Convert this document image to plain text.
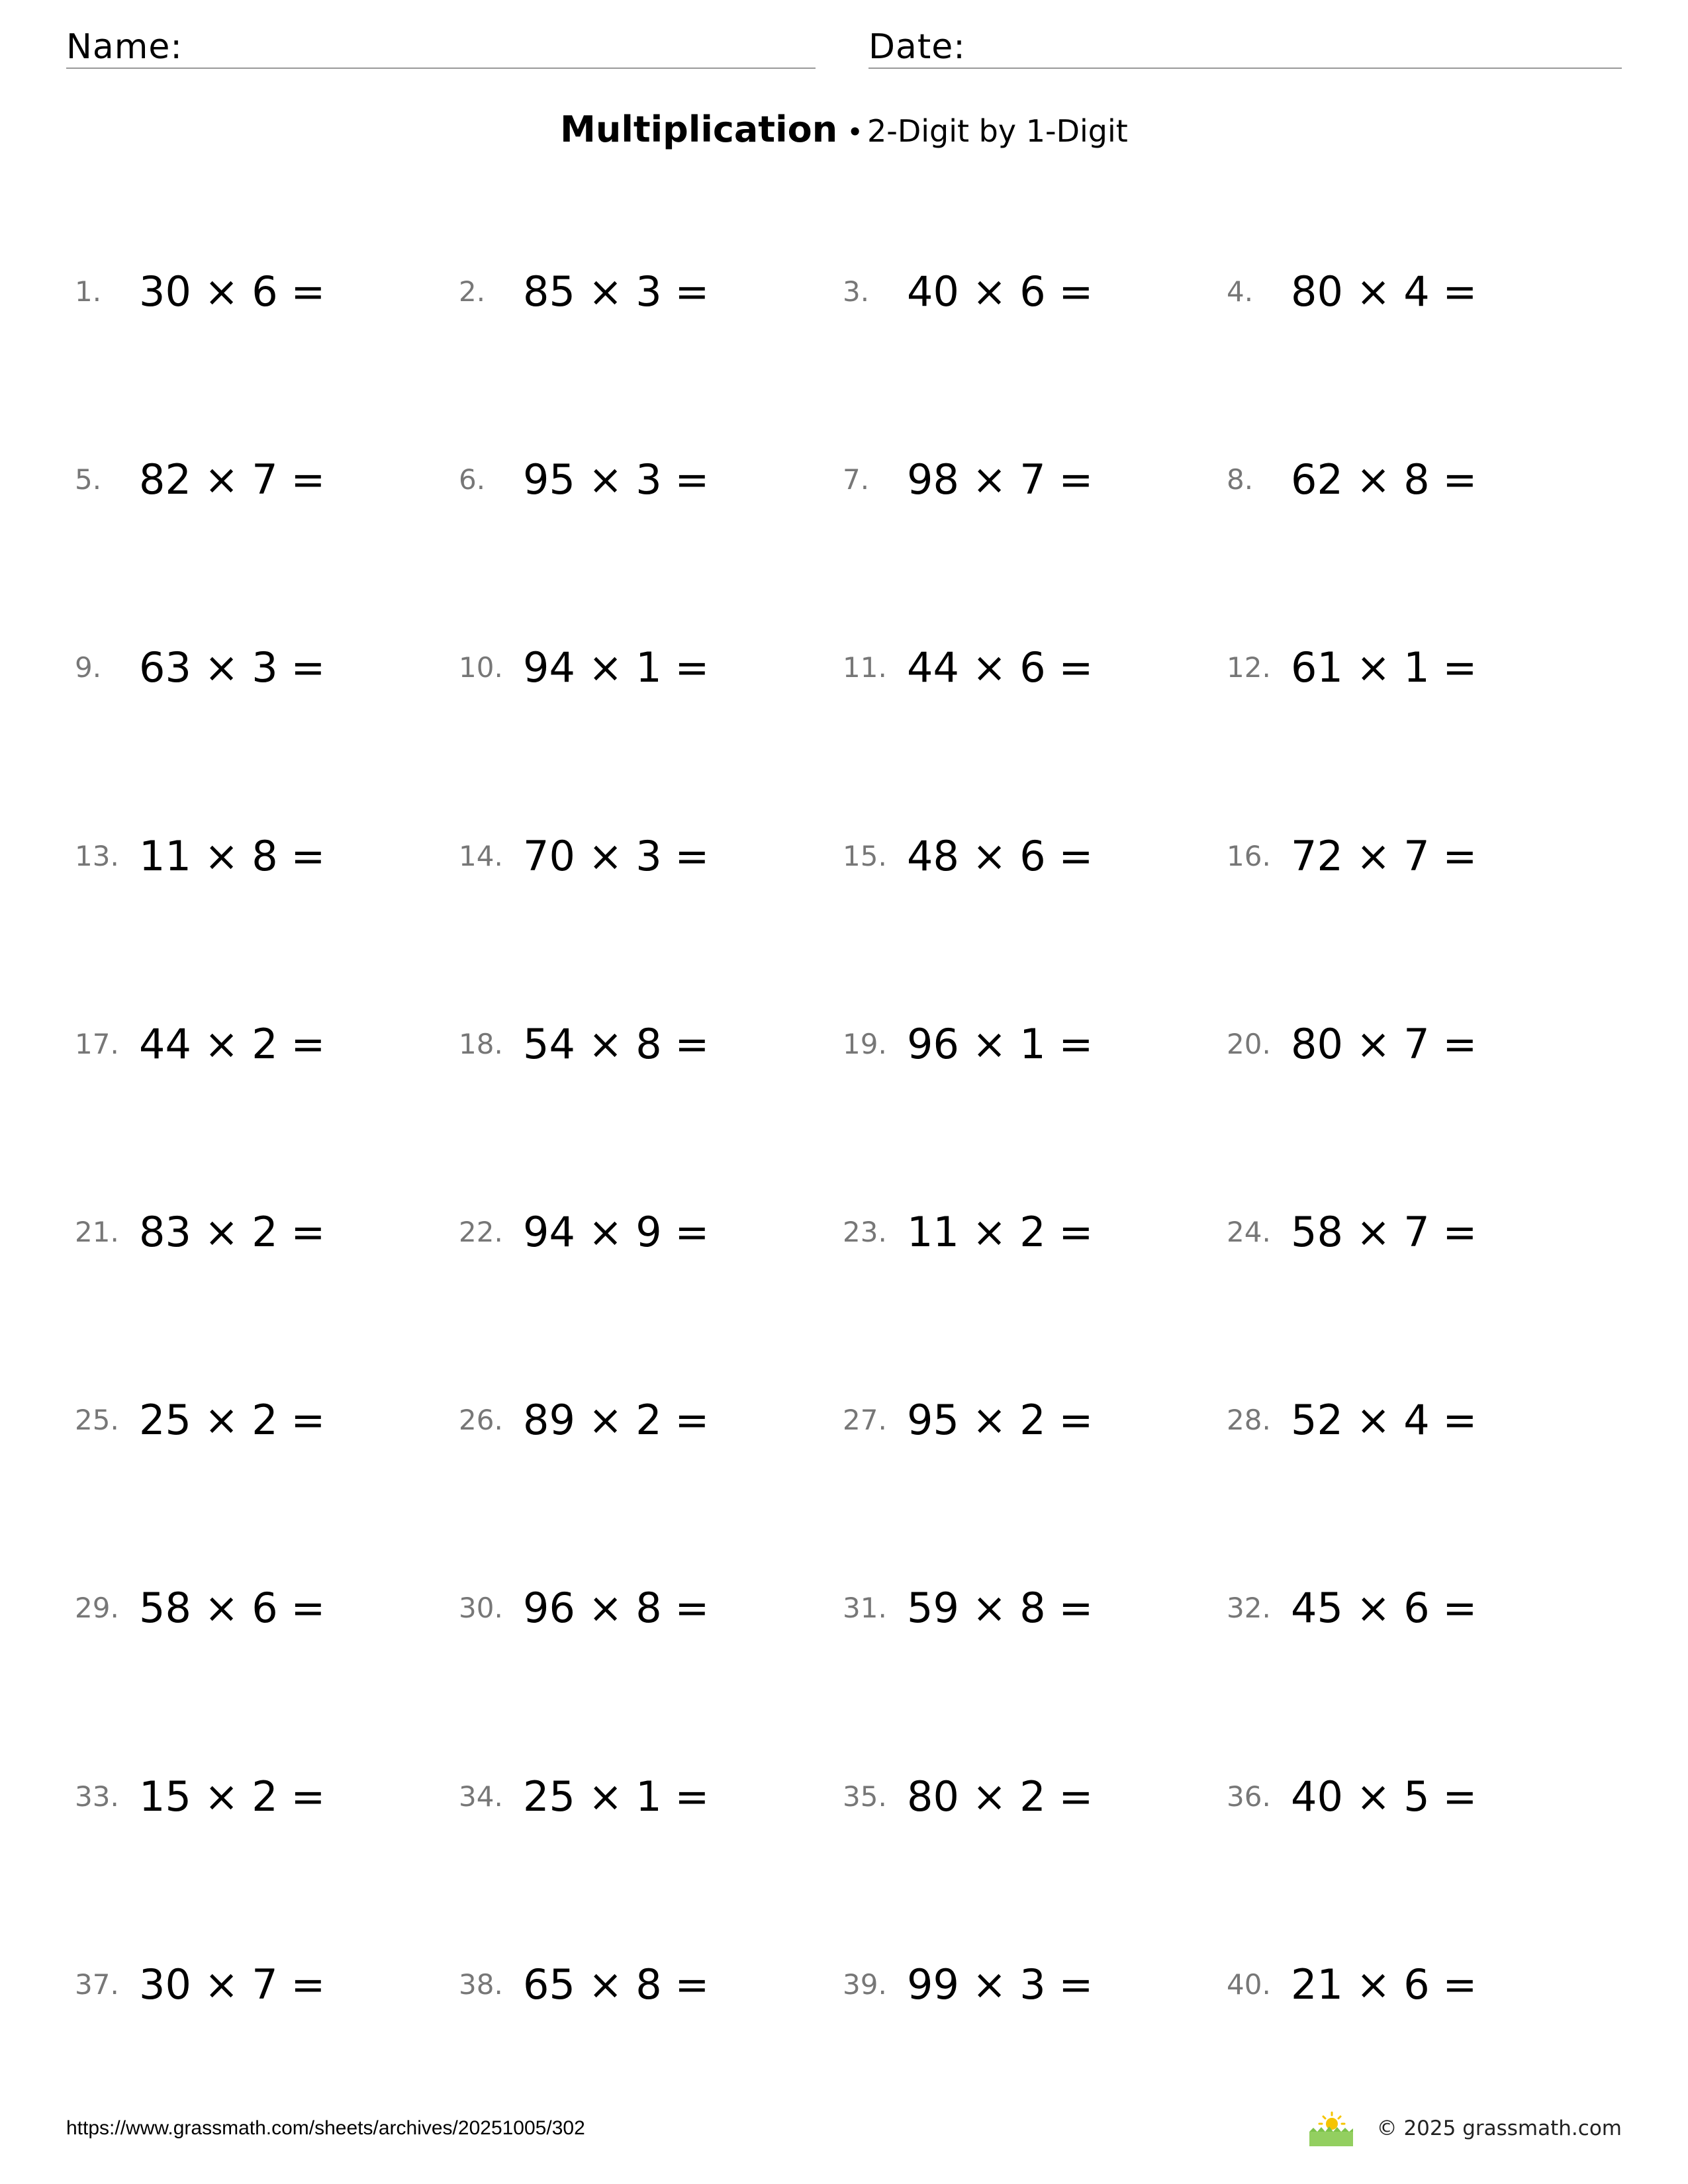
Name:	Date:
Multiplication • 2-Digit by 1-Digit
1. 30 × 6 =	2. 85 × 3 =	3. 40 × 6 =	4. 80 × 4 =
5. 82 × 7 =	6. 95 × 3 =	7. 98 × 7 =	8. 62 × 8 =
9. 63 × 3 =	10. 94 × 1 =	11. 44 × 6 =	12. 61 × 1 =
13. 11 × 8 =	14. 70 × 3 =	15. 48 × 6 =	16. 72 × 7 =
17. 44 × 2 =	18. 54 × 8 =	19. 96 × 1 =	20. 80 × 7 =
21. 83 × 2 =	22. 94 × 9 =	23. 11 × 2 =	24. 58 × 7 =
25. 25 × 2 =	26. 89 × 2 =	27. 95 × 2 =	28. 52 × 4 =
29. 58 × 6 =	30. 96 × 8 =	31. 59 × 8 =	32. 45 × 6 =
33. 15 × 2 =	34. 25 × 1 =	35. 80 × 2 =	36. 40 × 5 =
37. 30 × 7 =	38. 65 × 8 =	39. 99 × 3 =	40. 21 × 6 =
https://www.grassmath.com/sheets/archives/20251005/302	© 2025 grassmath.com
